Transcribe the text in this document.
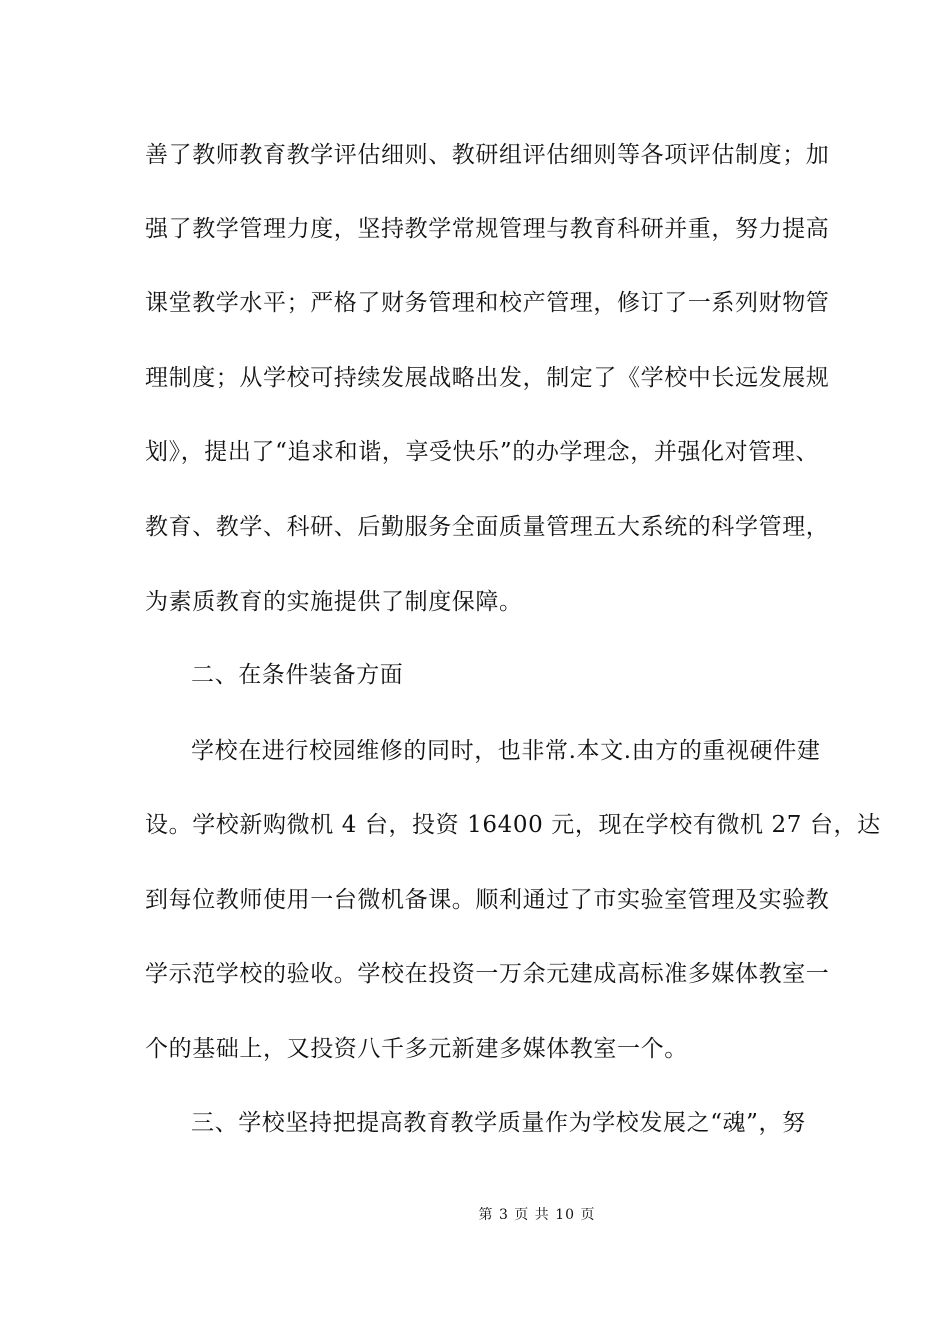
善了教师教育教学评估细则、教研组评估细则等各项评估制度；加
强了教学管理力度，坚持教学常规管理与教育科研并重，努力提高
课堂教学水平；严格了财务管理和校产管理，修订了一系列财物管
理制度；从学校可持续发展战略出发，制定了《学校中长远发展规
划》，提出了“追求和谐，享受快乐”的办学理念，并强化对管理、
教育、教学、科研、后勤服务全面质量管理五大系统的科学管理，
为素质教育的实施提供了制度保障。
二、在条件装备方面
学校在进行校园维修的同时，也非常.本文.由方的重视硬件建
设。学校新购微机 4 台，投资 16400 元，现在学校有微机 27 台，达
到每位教师使用一台微机备课。顺利通过了市实验室管理及实验教
学示范学校的验收。学校在投资一万余元建成高标准多媒体教室一
个的基础上，又投资八千多元新建多媒体教室一个。
三、学校坚持把提高教育教学质量作为学校发展之“魂”，努
第 3 页 共 10 页
